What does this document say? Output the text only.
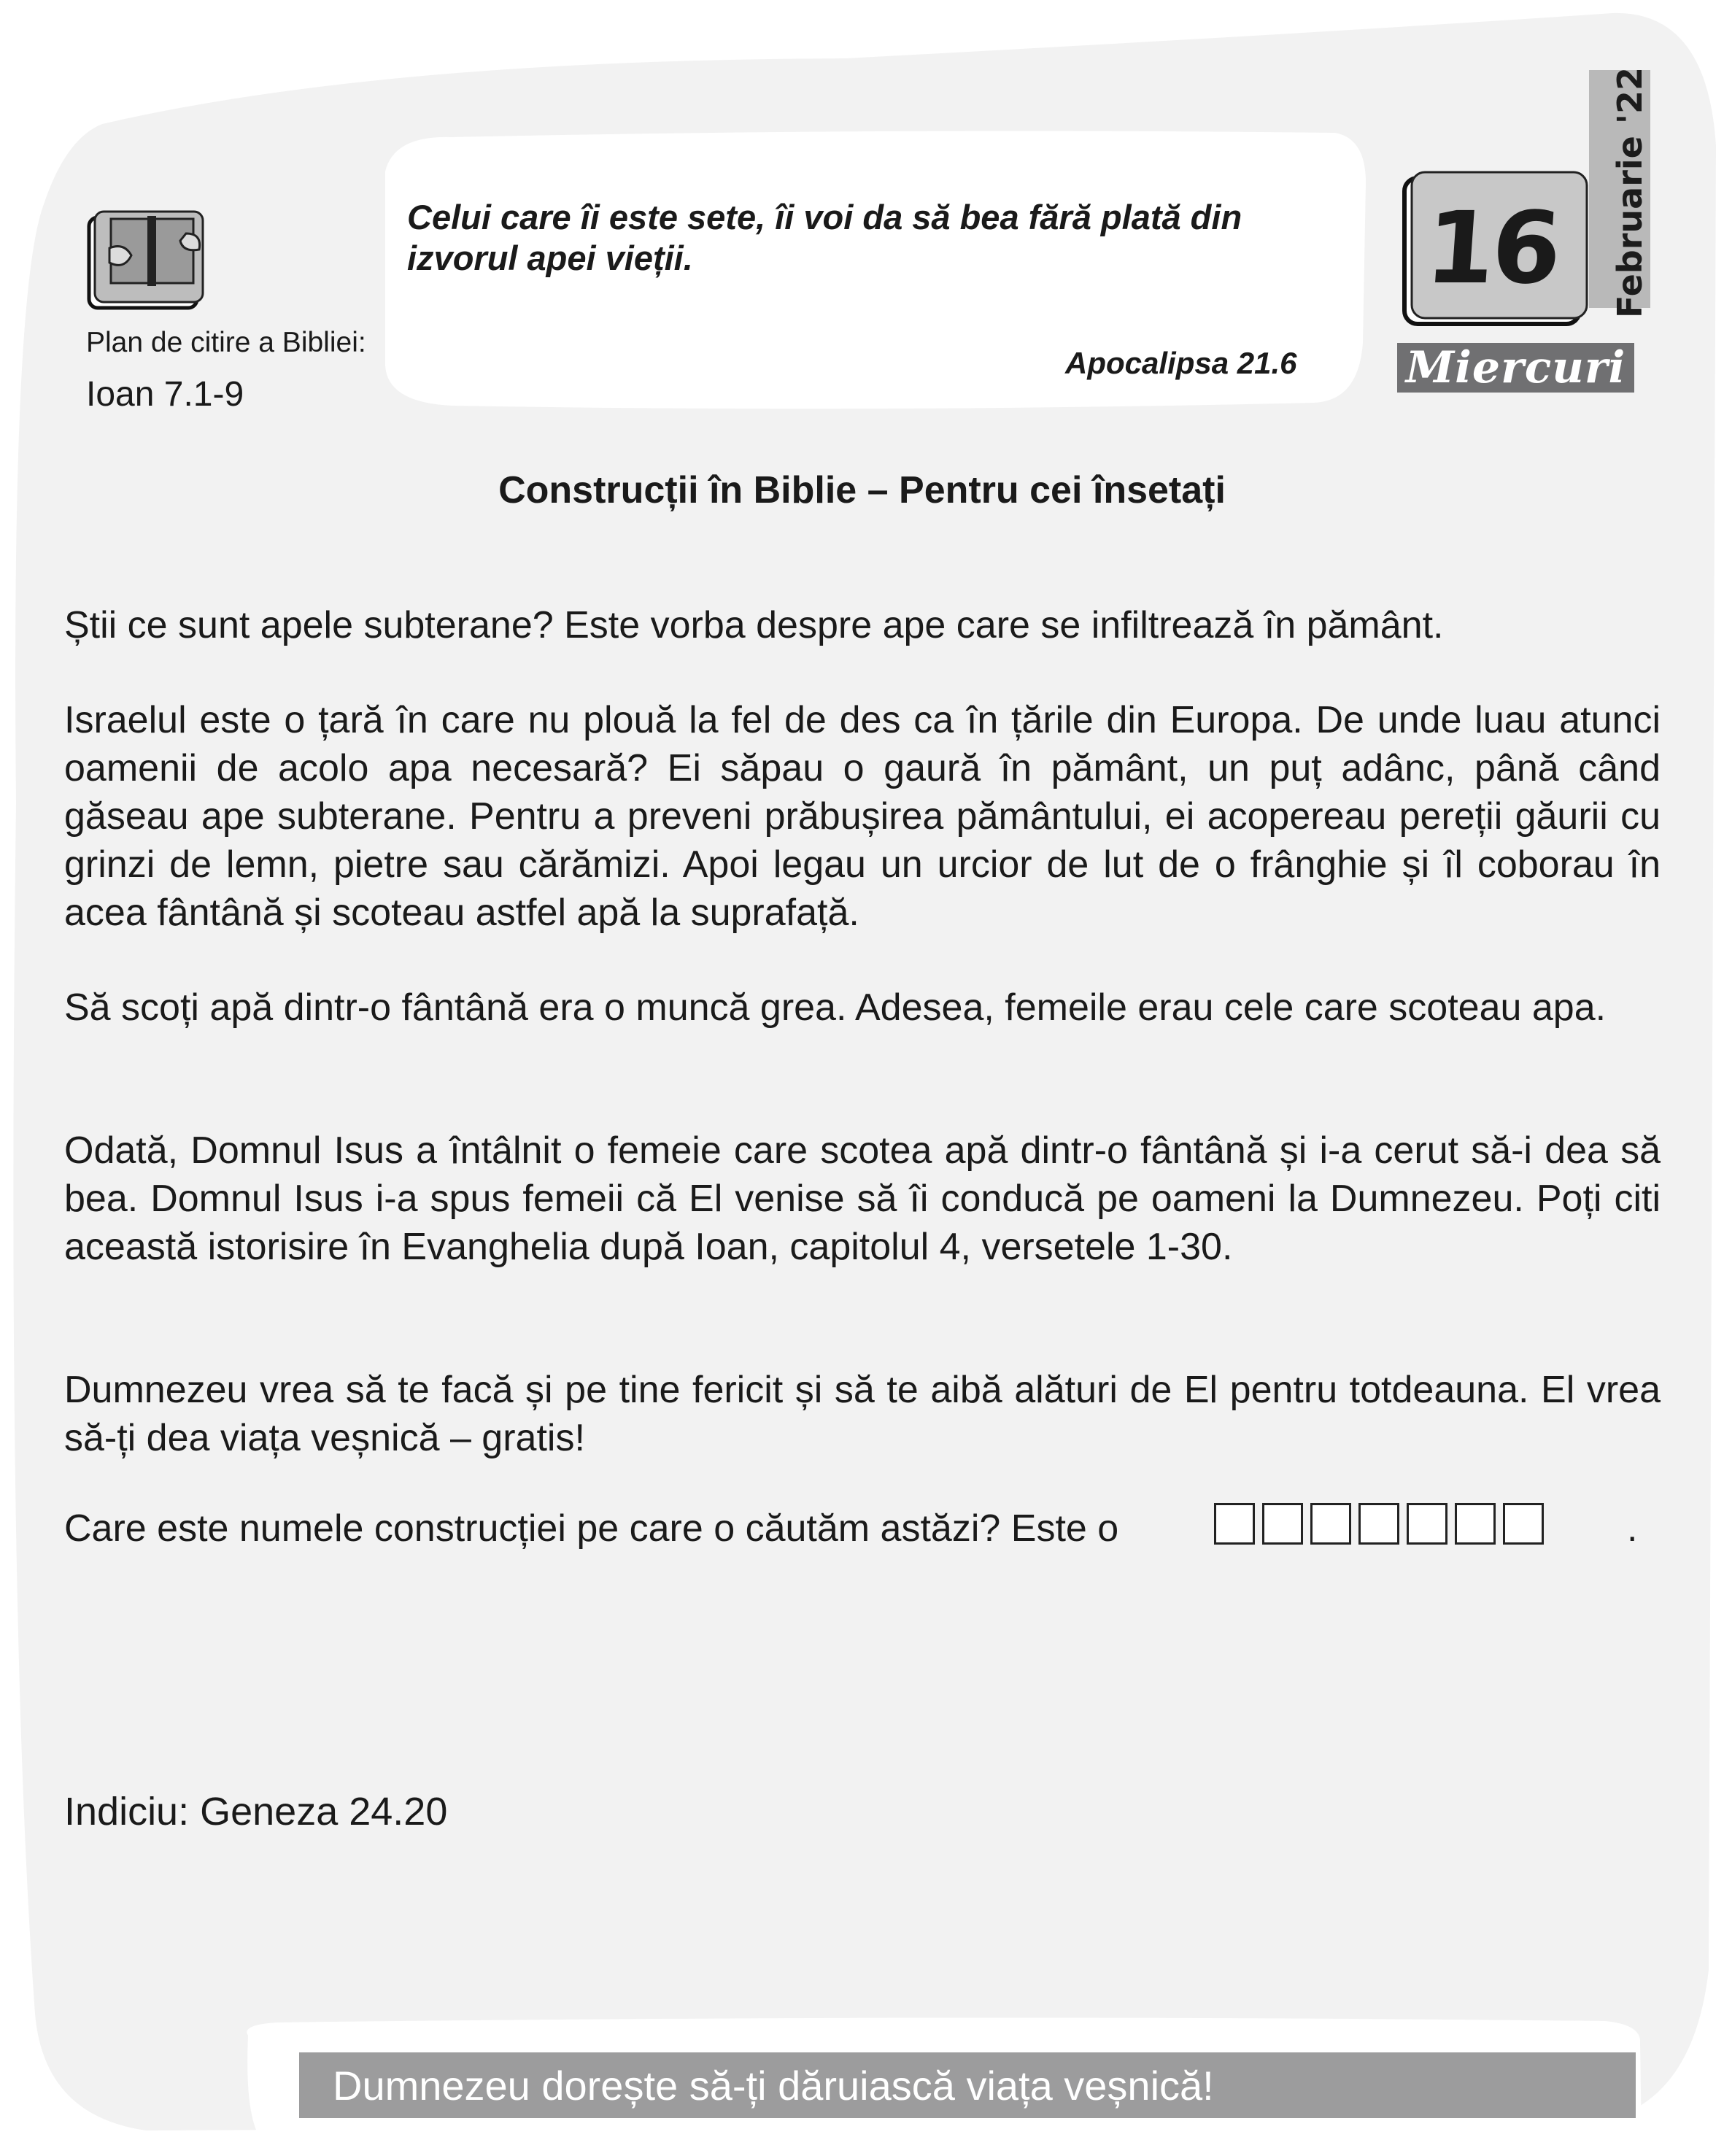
Plan de citire a Bibliei:
Ioan 7.1-9
Celui care îi este sete, îi voi da să bea fără plată din izvorul apei vieții.
Apocalipsa 21.6
16	Februarie '22
Miercuri
Construcții în Biblie – Pentru cei însetați
Știi ce sunt apele subterane? Este vorba despre ape care se infiltrează în pământ.
Israelul este o țară în care nu plouă la fel de des ca în țările din Europa. De unde luau atunci oamenii de acolo apa necesară? Ei săpau o gaură în pământ, un puț adânc, până când găseau ape subterane. Pentru a preveni prăbușirea pământului, ei acopereau pereții găurii cu grinzi de lemn, pietre sau cărămizi. Apoi legau un urcior de lut de o frânghie și îl coborau în acea fântână și scoteau astfel apă la suprafață.
Să scoți apă dintr-o fântână era o muncă grea. Adesea, femeile erau cele care scoteau apa.
Odată, Domnul Isus a întâlnit o femeie care scotea apă dintr-o fântână și i-a cerut să-i dea să bea. Domnul Isus i-a spus femeii că El venise să îi conducă pe oameni la Dumnezeu. Poți citi această istorisire în Evanghelia după Ioan, capitolul 4, versetele 1-30.
Dumnezeu vrea să te facă și pe tine fericit și să te aibă alături de El pentru totdeauna. El vrea să-ți dea viața veșnică – gratis!
Care este numele construcției pe care o căutăm astăzi? Este o	.
Indiciu: Geneza 24.20
Dumnezeu dorește să-ți dăruiască viața veșnică!
